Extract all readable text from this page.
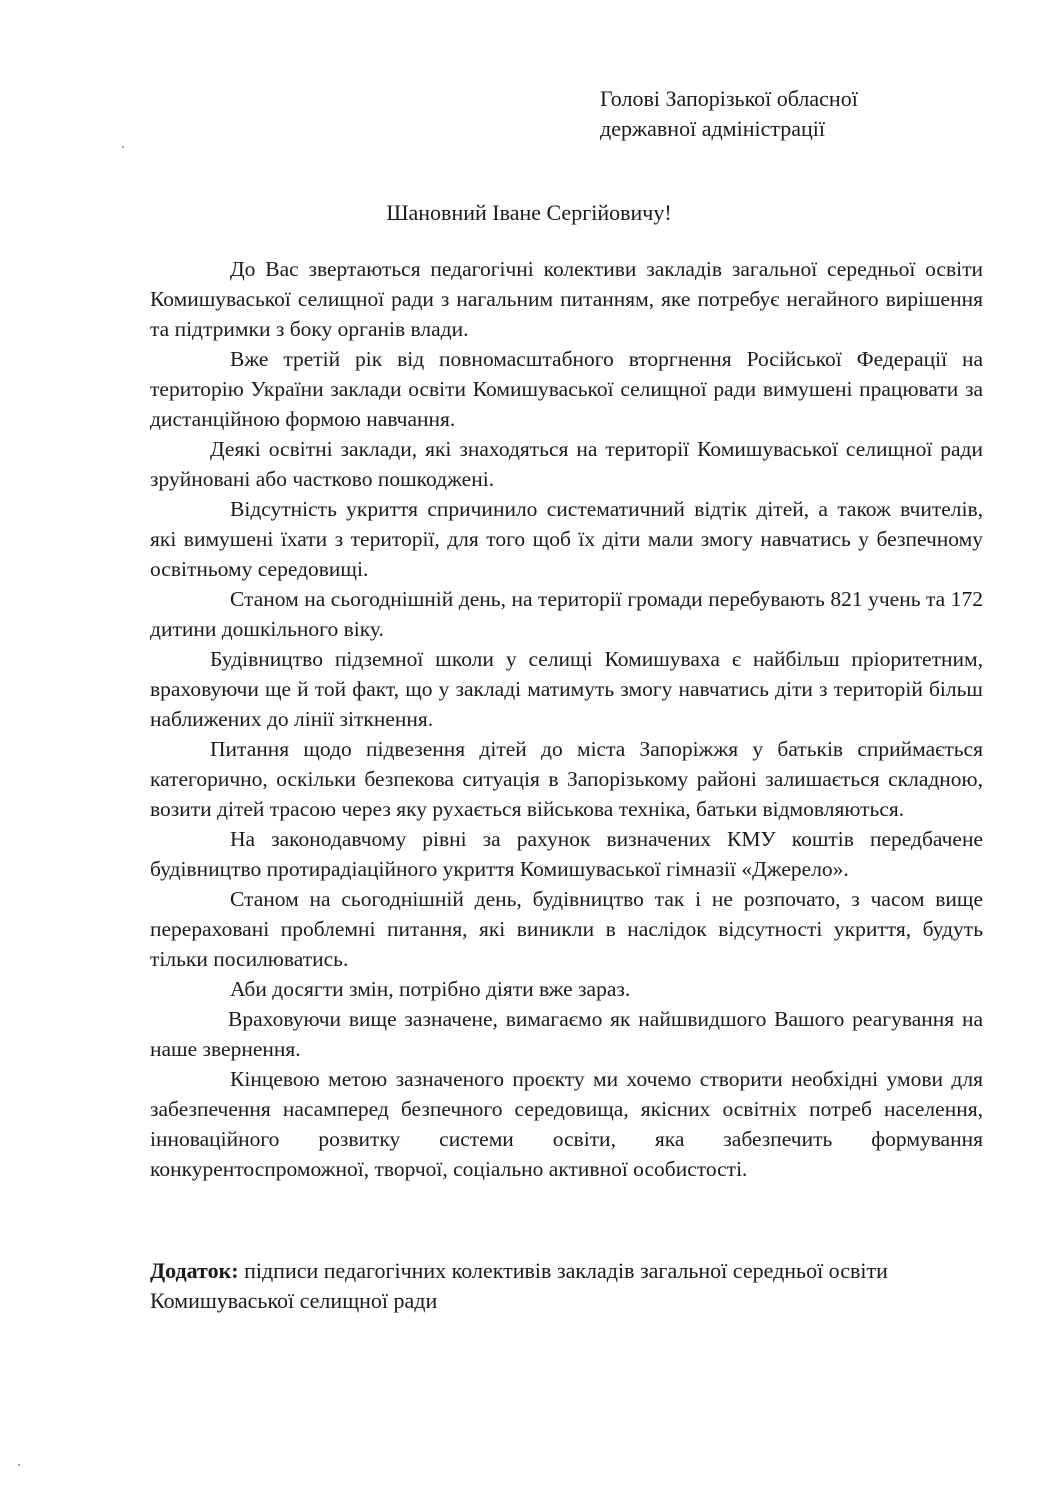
Голові Запорізької обласної
державної адміністрації
Шановний Іване Сергійовичу!

До Вас звертаються педагогічні колективи закладів загальної середньої освіти Комишуваської селищної ради з нагальним питанням, яке потребує негайного вирішення та підтримки з боку органів влади.

Вже третій рік від повномасштабного вторгнення Російської Федерації на територію України заклади освіти Комишуваської селищної ради вимушені працювати за дистанційною формою навчання.

Деякі освітні заклади, які знаходяться на території Комишуваської селищної ради зруйновані або частково пошкоджені.

Відсутність укриття спричинило систематичний відтік дітей, а також вчителів, які вимушені їхати з території, для того щоб їх діти мали змогу навчатись у безпечному освітньому середовищі.

Станом на сьогоднішній день, на території громади перебувають 821 учень та 172 дитини дошкільного віку.

Будівництво підземної школи у селищі Комишуваха є найбільш пріоритетним, враховуючи ще й той факт, що у закладі матимуть змогу навчатись діти з територій більш наближених до лінії зіткнення.

Питання щодо підвезення дітей до міста Запоріжжя у батьків сприймається категорично, оскільки безпекова ситуація в Запорізькому районі залишається складною, возити дітей трасою через яку рухається військова техніка, батьки відмовляються.

На законодавчому рівні за рахунок визначених КМУ коштів передбачене будівництво протирадіаційного укриття Комишуваської гімназії «Джерело».

Станом на сьогоднішній день, будівництво так і не розпочато, з часом вище перераховані проблемні питання, які виникли в наслідок відсутності укриття, будуть тільки посилюватись.

Аби досягти змін, потрібно діяти вже зараз.

Враховуючи вище зазначене, вимагаємо як найшвидшого Вашого реагування на наше звернення.

Кінцевою метою зазначеного проєкту ми хочемо створити необхідні умови для забезпечення насамперед безпечного середовища, якісних освітніх потреб населення, інноваційного розвитку системи освіти, яка забезпечить формування конкурентоспроможної, творчої, соціально активної особистості.

Додаток: підписи педагогічних колективів закладів загальної середньої освіти Комишуваської селищної ради
